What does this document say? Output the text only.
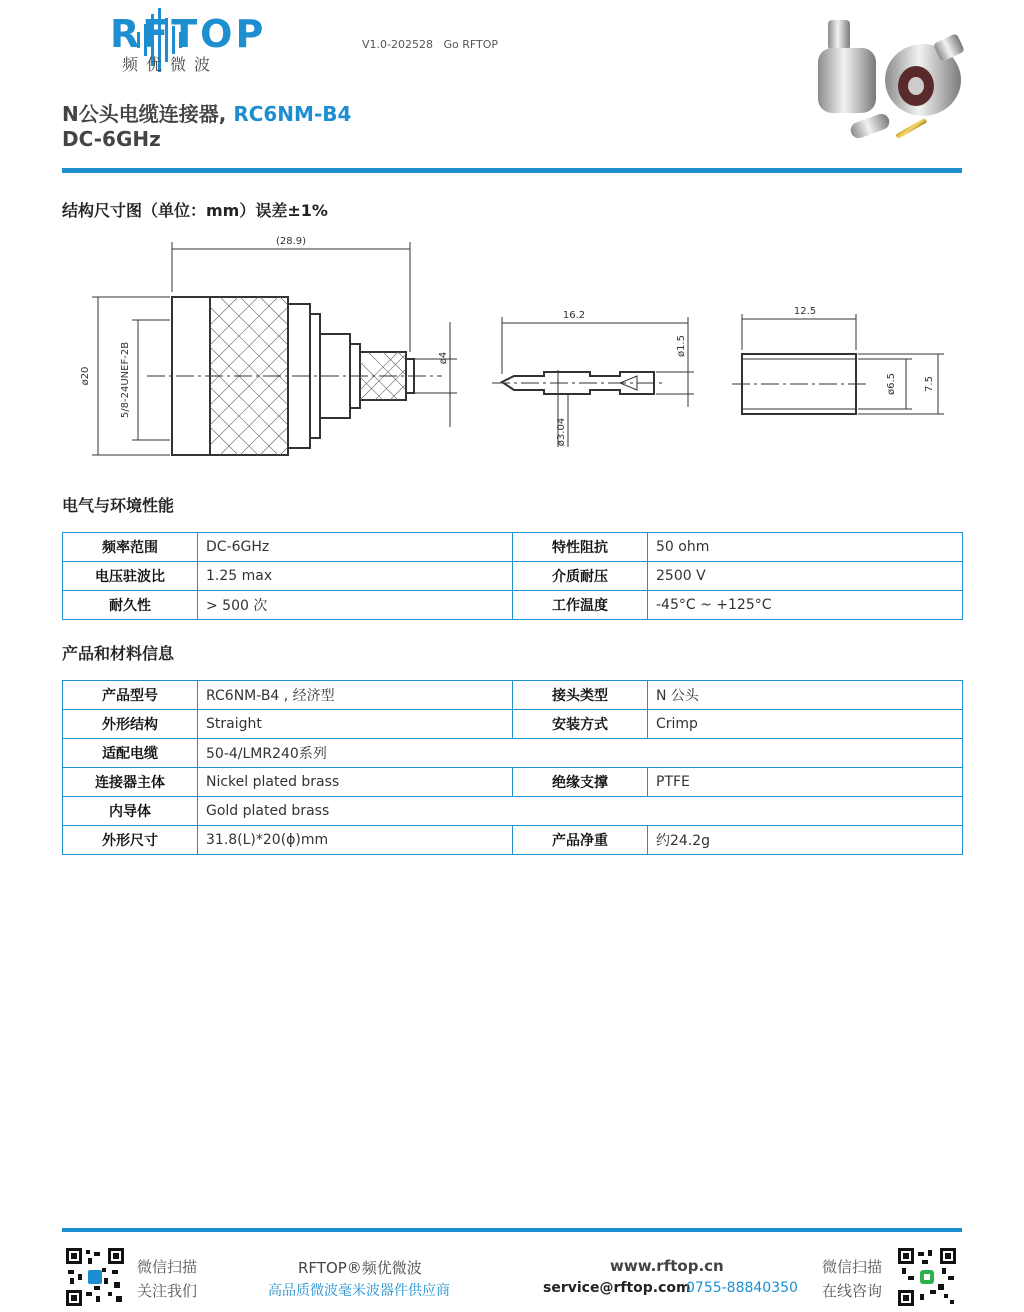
RFTOP
频优微波
V1.0-202528 Go RFTOP
N公头电缆连接器, RC6NM-B4
DC-6GHz
结构尺寸图（单位：mm）误差±1%
(28.9)
ø20	5/8-24UNEF-2B	ø4
16.2
ø1.5
ø3.04
12.5
ø6.5	7.5
电气与环境性能
频率范围	DC-6GHz	特性阻抗	50 ohm
电压驻波比	1.25 max	介质耐压	2500 V
耐久性	> 500 次	工作温度	-45°C ~ +125°C
产品和材料信息
产品型号	RC6NM-B4 , 经济型	接头类型	N 公头
外形结构	Straight	安装方式	Crimp
适配电缆	50-4/LMR240系列		
连接器主体	Nickel plated brass	绝缘支撑	PTFE
内导体	Gold plated brass		
外形尺寸	31.8(L)*20(ϕ)mm	产品净重	约24.2g
微信扫描
关注我们
RFTOP®频优微波
高品质微波毫米波器件供应商
www.rftop.cn
service@rftop.com
0755-88840350
微信扫描
在线咨询
